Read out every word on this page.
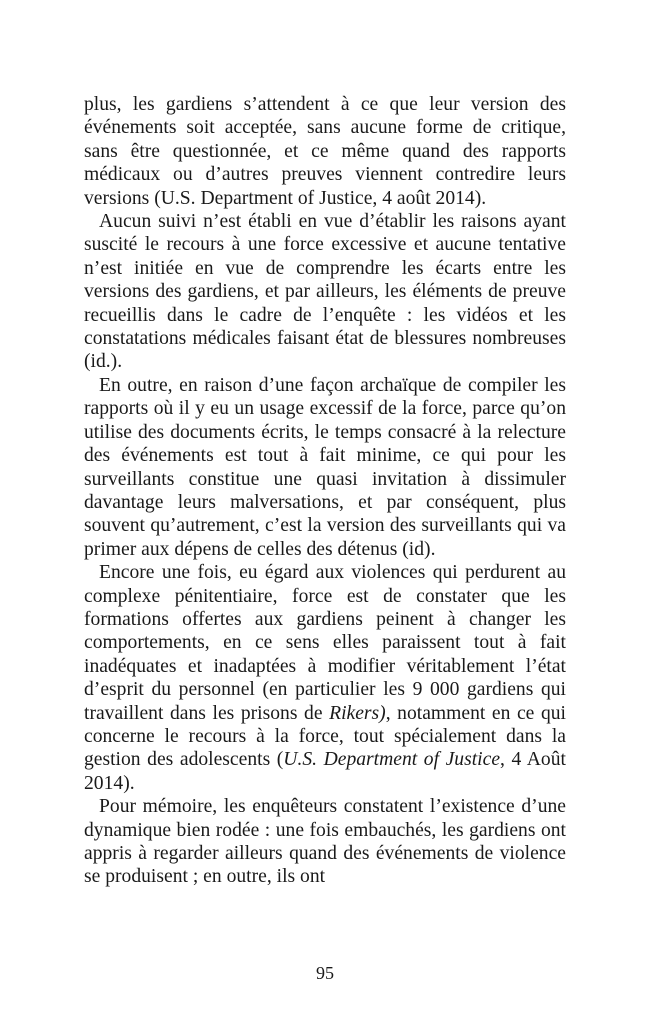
plus, les gardiens s’attendent à ce que leur version des événements soit acceptée, sans aucune forme de critique, sans être questionnée, et ce même quand des rapports médicaux ou d’autres preuves viennent contredire leurs versions (U.S. Department of Justice, 4 août 2014).

Aucun suivi n’est établi en vue d’établir les raisons ayant suscité le recours à une force excessive et aucune tentative n’est initiée en vue de comprendre les écarts entre les versions des gardiens, et par ailleurs, les éléments de preuve recueillis dans le cadre de l’enquête : les vidéos et les constatations médicales faisant état de blessures nombreuses (id.).

En outre, en raison d’une façon archaïque de compiler les rapports où il y eu un usage excessif de la force, parce qu’on utilise des documents écrits, le temps consacré à la relecture des événements est tout à fait minime, ce qui pour les surveillants constitue une quasi invitation à dissimuler davantage leurs malversations, et par conséquent, plus souvent qu’autrement, c’est la version des surveillants qui va primer aux dépens de celles des détenus (id).

Encore une fois, eu égard aux violences qui perdurent au complexe pénitentiaire, force est de constater que les formations offertes aux gardiens peinent à changer les comportements, en ce sens elles paraissent tout à fait inadéquates et inadaptées à modifier véritablement l’état d’esprit du personnel (en particulier les 9 000 gardiens qui travaillent dans les prisons de Rikers), notamment en ce qui concerne le recours à la force, tout spécialement dans la gestion des adolescents (U.S. Department of Justice, 4 Août 2014).

Pour mémoire, les enquêteurs constatent l’existence d’une dynamique bien rodée : une fois embauchés, les gardiens ont appris à regarder ailleurs quand des événements de violence se produisent ; en outre, ils ont

95
